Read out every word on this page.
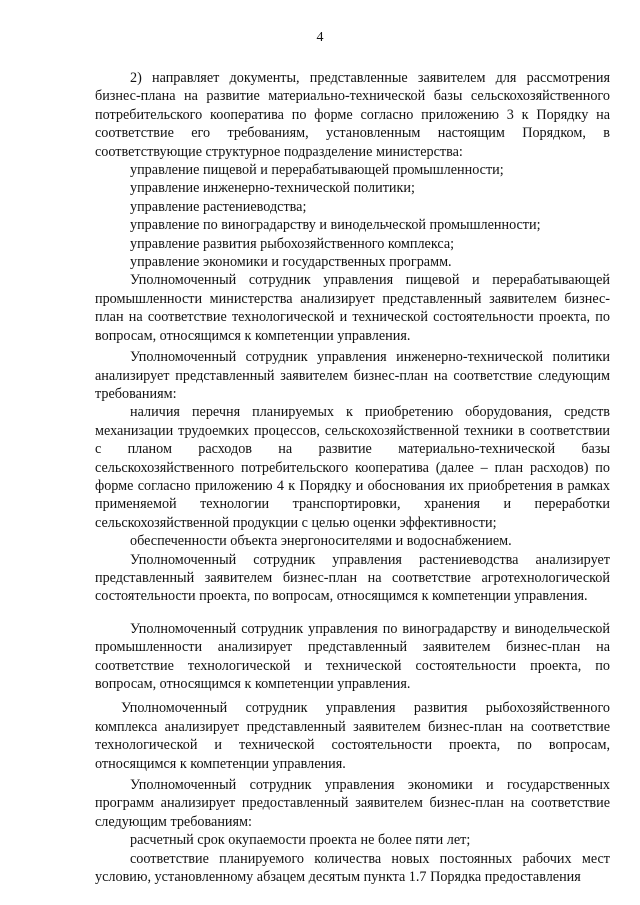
4

2) направляет документы, представленные заявителем для рассмотрения бизнес-плана на развитие материально-технической базы сельскохозяйственного потребительского кооператива по форме согласно приложению 3 к Порядку на соответствие его требованиям, установленным настоящим Порядком, в соответствующие структурное подразделение министерства:

управление пищевой и перерабатывающей промышленности;

управление инженерно-технической политики;

управление растениеводства;

управление по виноградарству и винодельческой промышленности;

управление развития рыбохозяйственного комплекса;

управление экономики и государственных программ.

Уполномоченный сотрудник управления пищевой и перерабатывающей промышленности министерства анализирует представленный заявителем бизнес-план на соответствие технологической и технической состоятельности проекта, по вопросам, относящимся к компетенции управления.

Уполномоченный сотрудник управления инженерно-технической политики анализирует представленный заявителем бизнес-план на соответствие следующим требованиям:

наличия перечня планируемых к приобретению оборудования, средств механизации трудоемких процессов, сельскохозяйственной техники в соответствии с планом расходов на развитие материально-технической базы сельскохозяйственного потребительского кооператива (далее – план расходов) по форме согласно приложению 4 к Порядку и обоснования их приобретения в рамках применяемой технологии транспортировки, хранения и переработки сельскохозяйственной продукции с целью оценки эффективности;

обеспеченности объекта энергоносителями и водоснабжением.

Уполномоченный сотрудник управления растениеводства анализирует представленный заявителем бизнес-план на соответствие агротехнологической состоятельности проекта, по вопросам, относящимся к компетенции управления.

Уполномоченный сотрудник управления по виноградарству и винодельческой промышленности анализирует представленный заявителем бизнес-план на соответствие технологической и технической состоятельности проекта, по вопросам, относящимся к компетенции управления.

Уполномоченный сотрудник управления развития рыбохозяйственного комплекса анализирует представленный заявителем бизнес-план на соответствие технологической и технической состоятельности проекта, по вопросам, относящимся к компетенции управления.

Уполномоченный сотрудник управления экономики и государственных программ анализирует предоставленный заявителем бизнес-план на соответствие следующим требованиям:

расчетный срок окупаемости проекта не более пяти лет;

соответствие планируемого количества новых постоянных рабочих мест условию, установленному абзацем десятым пункта 1.7 Порядка предоставления
